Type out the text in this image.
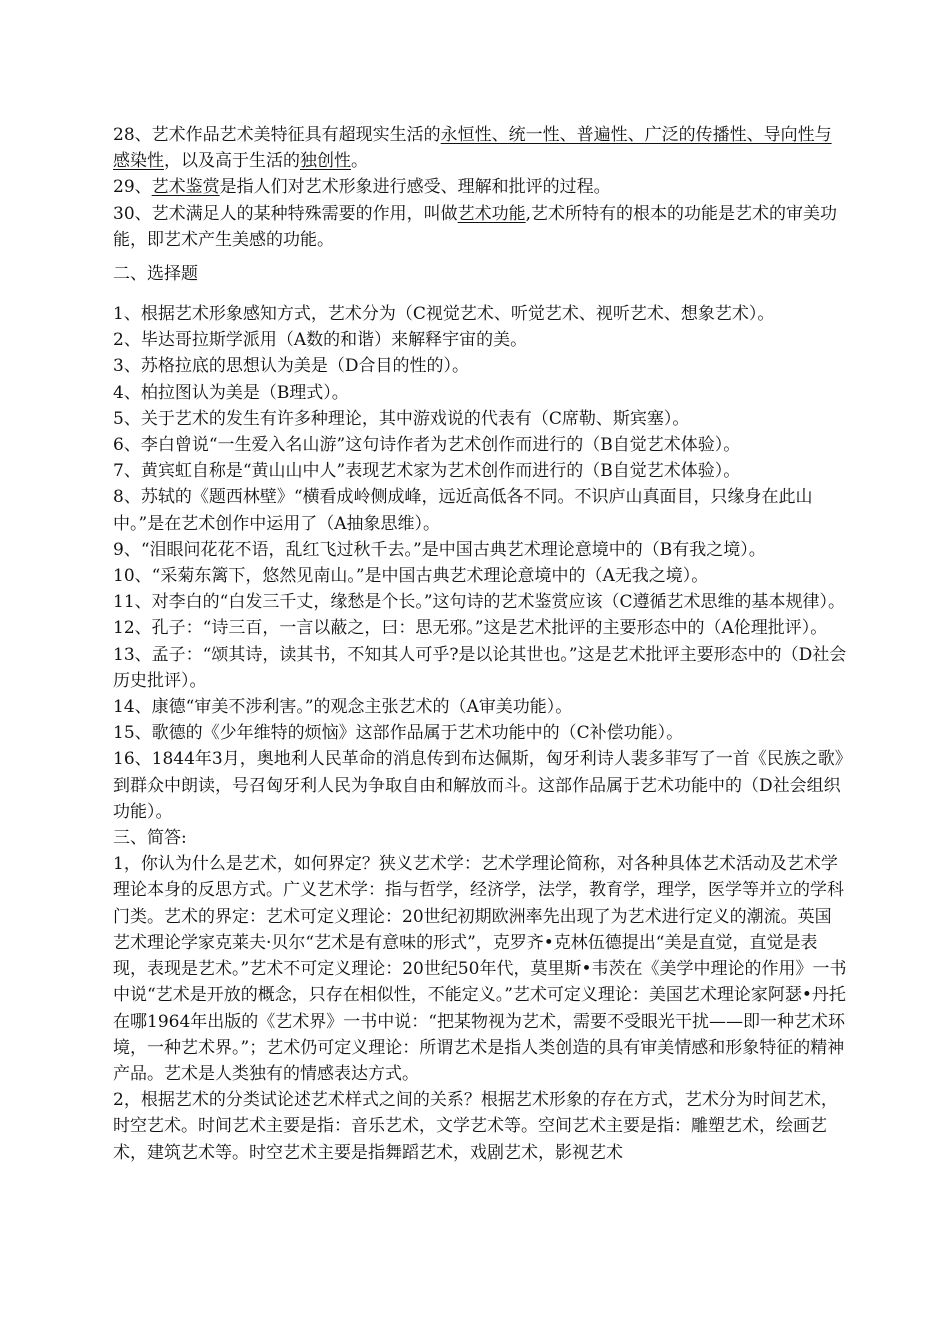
28、艺术作品艺术美特征具有超现实生活的永恒性、统一性、普遍性、广泛的传播性、导向性与感染性，以及高于生活的独创性。

29、艺术鉴赏是指人们对艺术形象进行感受、理解和批评的过程。

30、艺术满足人的某种特殊需要的作用，叫做艺术功能,艺术所特有的根本的功能是艺术的审美功能，即艺术产生美感的功能。

二、选择题

1、根据艺术形象感知方式，艺术分为（C视觉艺术、听觉艺术、视听艺术、想象艺术）。

2、毕达哥拉斯学派用（A数的和谐）来解释宇宙的美。

3、苏格拉底的思想认为美是（D合目的性的）。

4、柏拉图认为美是（B理式）。

5、关于艺术的发生有许多种理论，其中游戏说的代表有（C席勒、斯宾塞）。

6、李白曾说“一生爱入名山游”这句诗作者为艺术创作而进行的（B自觉艺术体验）。

7、黄宾虹自称是“黄山山中人”表现艺术家为艺术创作而进行的（B自觉艺术体验）。

8、苏轼的《题西林壁》“横看成岭侧成峰，远近高低各不同。不识庐山真面目，只缘身在此山中。”是在艺术创作中运用了（A抽象思维）。

9、“泪眼问花花不语，乱红飞过秋千去。”是中国古典艺术理论意境中的（B有我之境）。

10、“采菊东篱下，悠然见南山。”是中国古典艺术理论意境中的（A无我之境）。

11、对李白的“白发三千丈，缘愁是个长。”这句诗的艺术鉴赏应该（C遵循艺术思维的基本规律）。

12、孔子：“诗三百，一言以蔽之，曰：思无邪。”这是艺术批评的主要形态中的（A伦理批评）。

13、孟子：“颂其诗，读其书，不知其人可乎?是以论其世也。”这是艺术批评主要形态中的（D社会历史批评）。

14、康德“审美不涉利害。”的观念主张艺术的（A审美功能）。

15、歌德的《少年维特的烦恼》这部作品属于艺术功能中的（C补偿功能）。

16、1844年3月，奥地利人民革命的消息传到布达佩斯，匈牙利诗人裴多菲写了一首《民族之歌》到群众中朗读，号召匈牙利人民为争取自由和解放而斗。这部作品属于艺术功能中的（D社会组织功能）。

三、简答:

1，你认为什么是艺术，如何界定？狭义艺术学：艺术学理论简称，对各种具体艺术活动及艺术学理论本身的反思方式。广义艺术学：指与哲学，经济学，法学，教育学，理学，医学等并立的学科门类。艺术的界定：艺术可定义理论：20世纪初期欧洲率先出现了为艺术进行定义的潮流。英国艺术理论学家克莱夫·贝尔“艺术是有意味的形式”，克罗齐•克林伍德提出“美是直觉，直觉是表现，表现是艺术。”艺术不可定义理论：20世纪50年代，莫里斯•韦茨在《美学中理论的作用》一书中说“艺术是开放的概念，只存在相似性，不能定义。”艺术可定义理论：美国艺术理论家阿瑟•丹托在哪1964年出版的《艺术界》一书中说：“把某物视为艺术，需要不受眼光干扰——即一种艺术环境，一种艺术界。”；艺术仍可定义理论：所谓艺术是指人类创造的具有审美情感和形象特征的精神产品。艺术是人类独有的情感表达方式。

2，根据艺术的分类试论述艺术样式之间的关系？根据艺术形象的存在方式，艺术分为时间艺术，时空艺术。时间艺术主要是指：音乐艺术，文学艺术等。空间艺术主要是指：雕塑艺术，绘画艺术，建筑艺术等。时空艺术主要是指舞蹈艺术，戏剧艺术，影视艺术
